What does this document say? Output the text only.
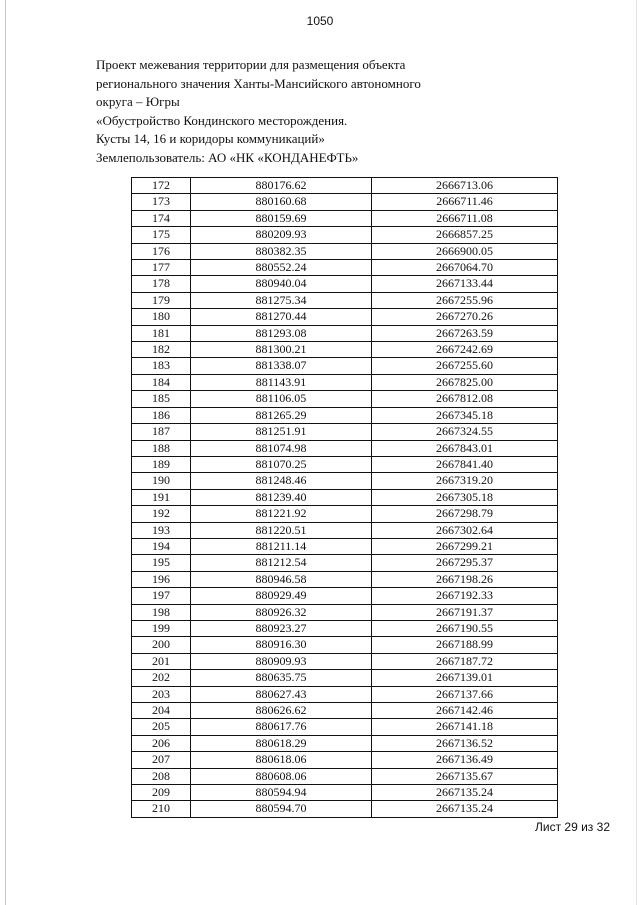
1050
Проект межевания территории для размещения объекта
регионального значения Ханты-Мансийского автономного
округа – Югры
«Обустройство Кондинского месторождения.
Кусты 14, 16 и коридоры коммуникаций»
Землепользователь: АО «НК «КОНДАНЕФТЬ»
172	880176.62	2666713.06
173	880160.68	2666711.46
174	880159.69	2666711.08
175	880209.93	2666857.25
176	880382.35	2666900.05
177	880552.24	2667064.70
178	880940.04	2667133.44
179	881275.34	2667255.96
180	881270.44	2667270.26
181	881293.08	2667263.59
182	881300.21	2667242.69
183	881338.07	2667255.60
184	881143.91	2667825.00
185	881106.05	2667812.08
186	881265.29	2667345.18
187	881251.91	2667324.55
188	881074.98	2667843.01
189	881070.25	2667841.40
190	881248.46	2667319.20
191	881239.40	2667305.18
192	881221.92	2667298.79
193	881220.51	2667302.64
194	881211.14	2667299.21
195	881212.54	2667295.37
196	880946.58	2667198.26
197	880929.49	2667192.33
198	880926.32	2667191.37
199	880923.27	2667190.55
200	880916.30	2667188.99
201	880909.93	2667187.72
202	880635.75	2667139.01
203	880627.43	2667137.66
204	880626.62	2667142.46
205	880617.76	2667141.18
206	880618.29	2667136.52
207	880618.06	2667136.49
208	880608.06	2667135.67
209	880594.94	2667135.24
210	880594.70	2667135.24
Лист 29 из 32
